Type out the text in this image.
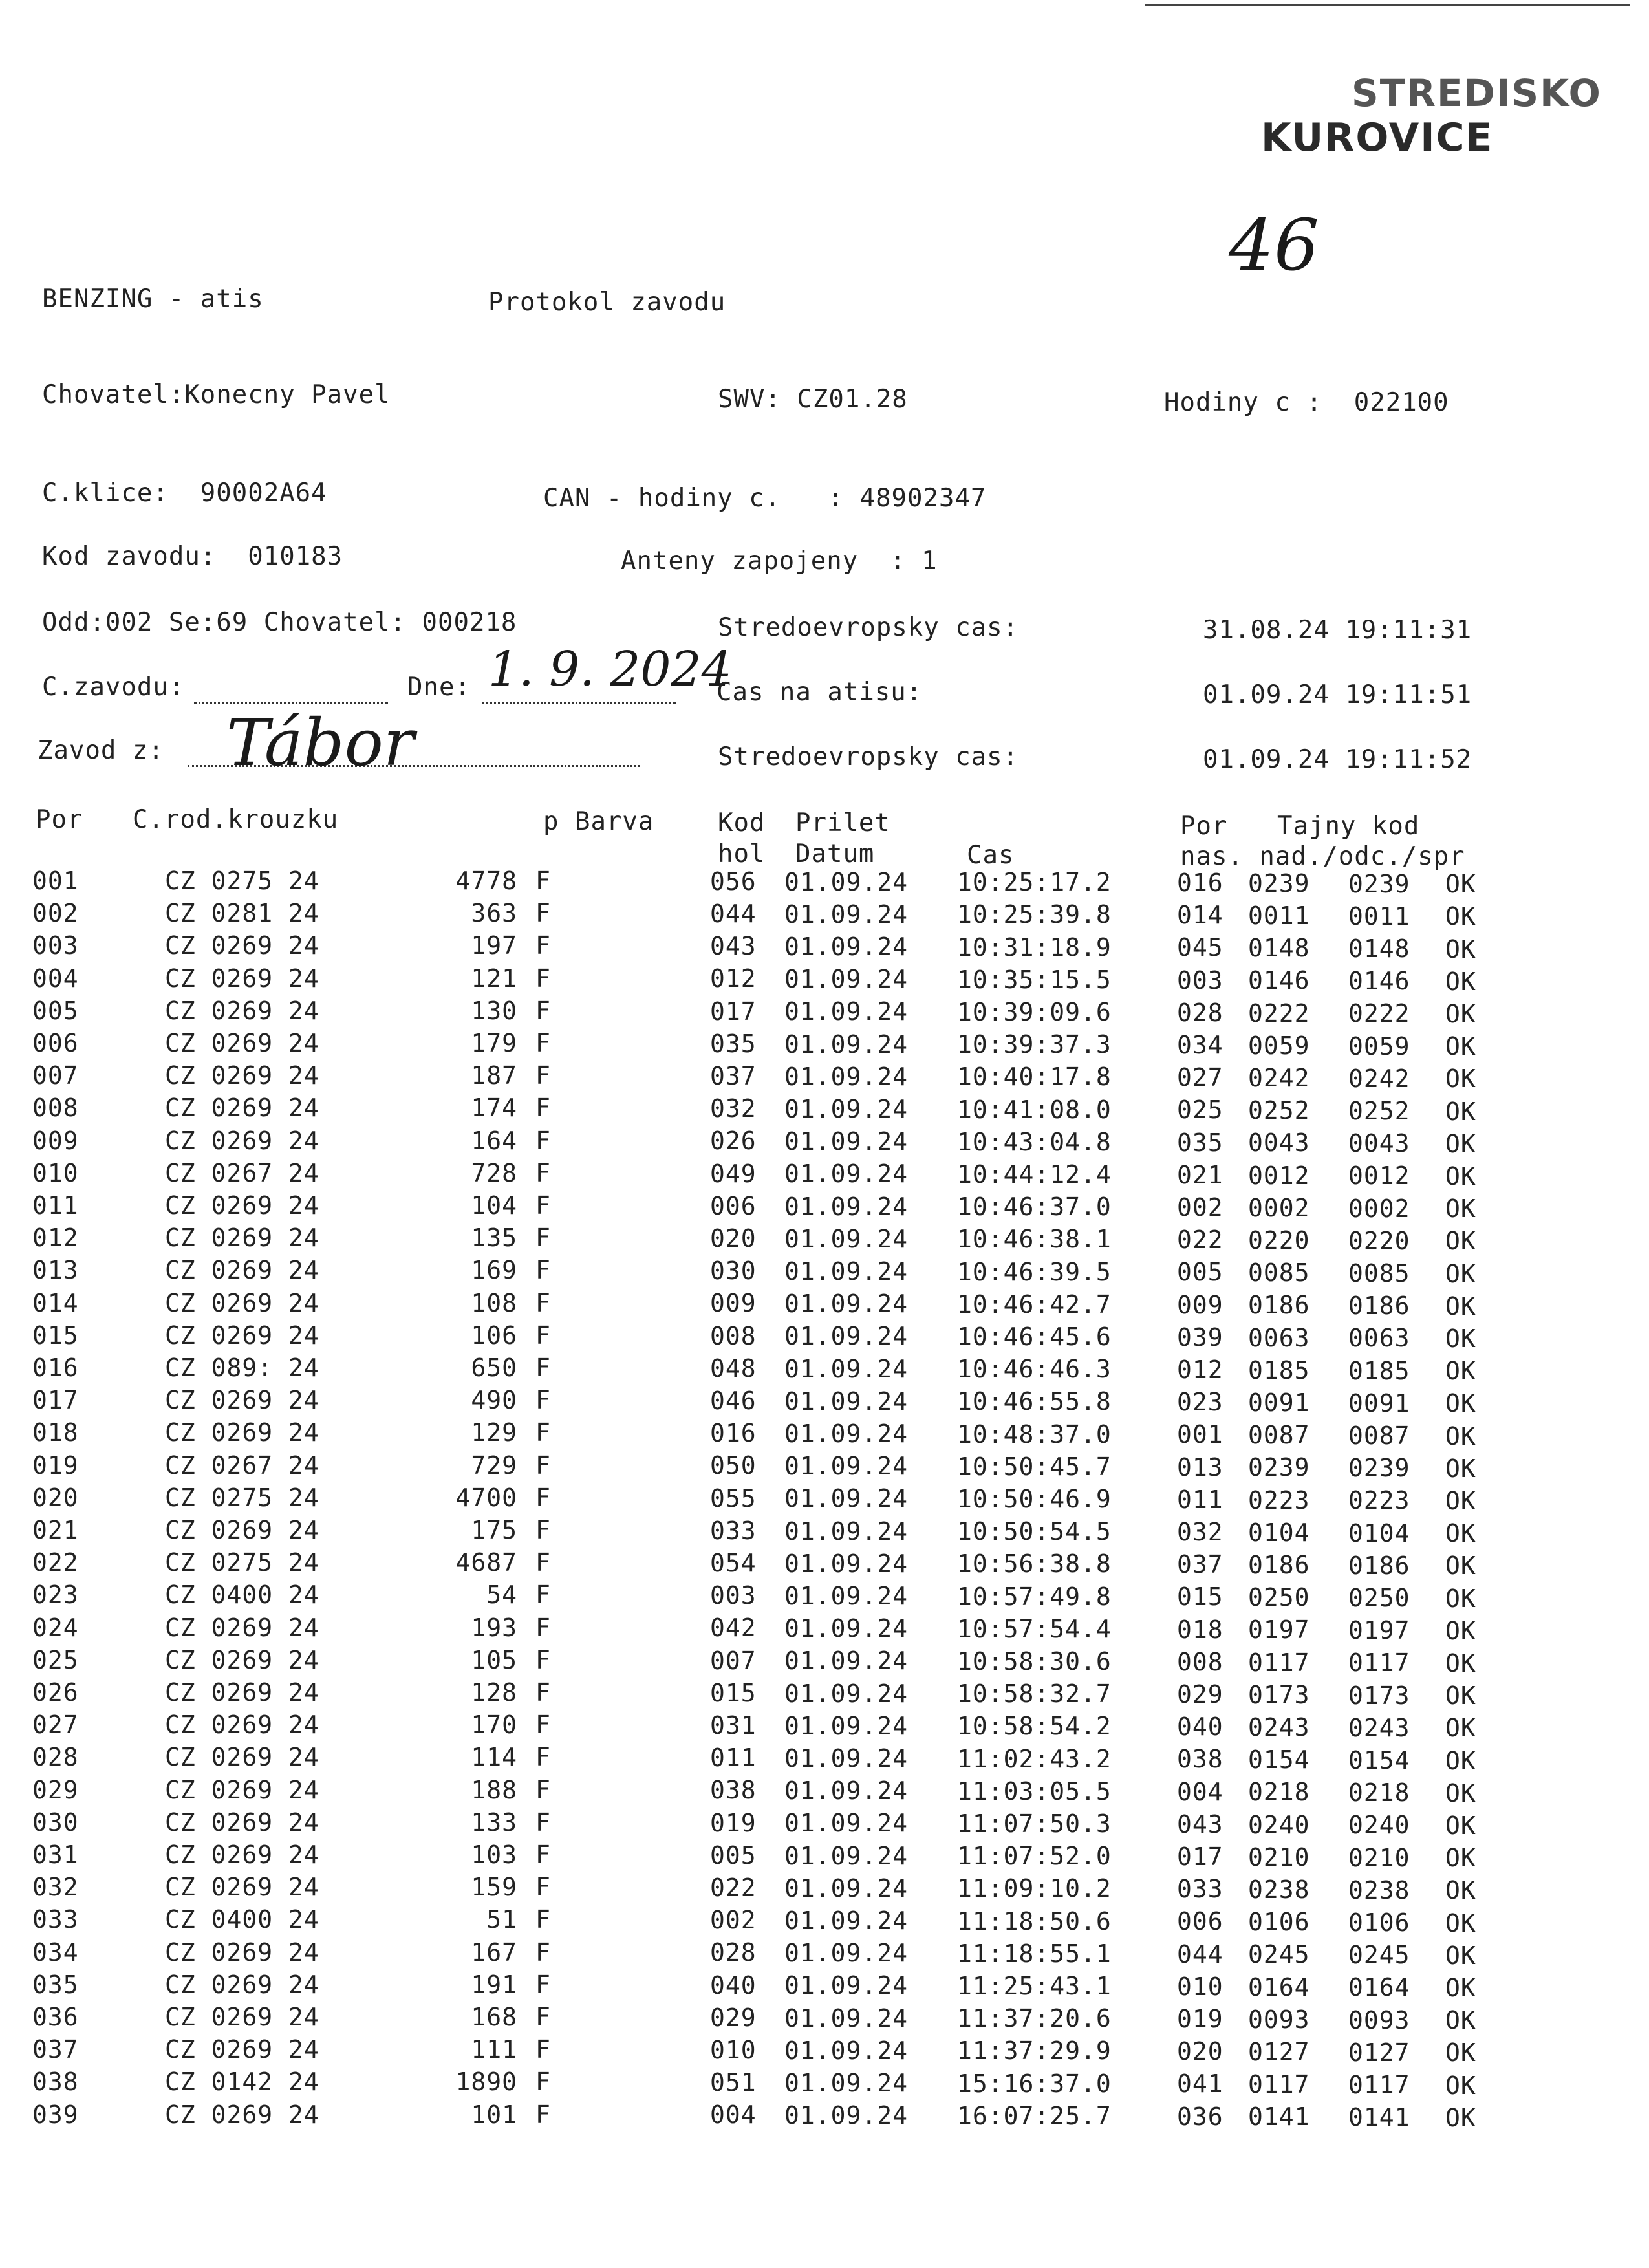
STREDISKO
KUROVICE
46
BENZING - atis	Protokol zavodu
Chovatel:Konecny Pavel	SWV: CZ01.28	Hodiny c :  022100
C.klice:  90002A64	CAN - hodiny c.   : 48902347
Kod zavodu:  010183	Anteny zapojeny  : 1
Odd:002 Se:69 Chovatel: 000218	Stredoevropsky cas:	31.08.24 19:11:31
C.zavodu:	Dne: 1. 9. 2024
Cas na atisu:	01.09.24 19:11:51
Zavod z: Tábor	Stredoevropsky cas:	01.09.24 19:11:52
Por C.rod.krouzku	p Barva	Kod Prilet	Por Tajny kod
hol Datum	Cas	nas. nad./odc./spr
001	CZ 0275 24	4778 F	056 01.09.24 10:25:17.2	016 0239 0239 OK
002	CZ 0281 24	363 F	044 01.09.24 10:25:39.8	014 0011 0011 OK
003	CZ 0269 24	197 F	043 01.09.24 10:31:18.9	045 0148 0148 OK
004	CZ 0269 24	121 F	012 01.09.24 10:35:15.5	003 0146 0146 OK
005	CZ 0269 24	130 F	017 01.09.24 10:39:09.6	028 0222 0222 OK
006	CZ 0269 24	179 F	035 01.09.24 10:39:37.3	034 0059 0059 OK
007	CZ 0269 24	187 F	037 01.09.24 10:40:17.8	027 0242 0242 OK
008	CZ 0269 24	174 F	032 01.09.24 10:41:08.0	025 0252 0252 OK
009	CZ 0269 24	164 F	026 01.09.24 10:43:04.8	035 0043 0043 OK
010	CZ 0267 24	728 F	049 01.09.24 10:44:12.4	021 0012 0012 OK
011	CZ 0269 24	104 F	006 01.09.24 10:46:37.0	002 0002 0002 OK
012	CZ 0269 24	135 F	020 01.09.24 10:46:38.1	022 0220 0220 OK
013	CZ 0269 24	169 F	030 01.09.24 10:46:39.5	005 0085 0085 OK
014	CZ 0269 24	108 F	009 01.09.24 10:46:42.7	009 0186 0186 OK
015	CZ 0269 24	106 F	008 01.09.24 10:46:45.6	039 0063 0063 OK
016	CZ 089: 24	650 F	048 01.09.24 10:46:46.3	012 0185 0185 OK
017	CZ 0269 24	490 F	046 01.09.24 10:46:55.8	023 0091 0091 OK
018	CZ 0269 24	129 F	016 01.09.24 10:48:37.0	001 0087 0087 OK
019	CZ 0267 24	729 F	050 01.09.24 10:50:45.7	013 0239 0239 OK
020	CZ 0275 24	4700 F	055 01.09.24 10:50:46.9	011 0223 0223 OK
021	CZ 0269 24	175 F	033 01.09.24 10:50:54.5	032 0104 0104 OK
022	CZ 0275 24	4687 F	054 01.09.24 10:56:38.8	037 0186 0186 OK
023	CZ 0400 24	54 F	003 01.09.24 10:57:49.8	015 0250 0250 OK
024	CZ 0269 24	193 F	042 01.09.24 10:57:54.4	018 0197 0197 OK
025	CZ 0269 24	105 F	007 01.09.24 10:58:30.6	008 0117 0117 OK
026	CZ 0269 24	128 F	015 01.09.24 10:58:32.7	029 0173 0173 OK
027	CZ 0269 24	170 F	031 01.09.24 10:58:54.2	040 0243 0243 OK
028	CZ 0269 24	114 F	011 01.09.24 11:02:43.2	038 0154 0154 OK
029	CZ 0269 24	188 F	038 01.09.24 11:03:05.5	004 0218 0218 OK
030	CZ 0269 24	133 F	019 01.09.24 11:07:50.3	043 0240 0240 OK
031	CZ 0269 24	103 F	005 01.09.24 11:07:52.0	017 0210 0210 OK
032	CZ 0269 24	159 F	022 01.09.24 11:09:10.2	033 0238 0238 OK
033	CZ 0400 24	51 F	002 01.09.24 11:18:50.6	006 0106 0106 OK
034	CZ 0269 24	167 F	028 01.09.24 11:18:55.1	044 0245 0245 OK
035	CZ 0269 24	191 F	040 01.09.24 11:25:43.1	010 0164 0164 OK
036	CZ 0269 24	168 F	029 01.09.24 11:37:20.6	019 0093 0093 OK
037	CZ 0269 24	111 F	010 01.09.24 11:37:29.9	020 0127 0127 OK
038	CZ 0142 24	1890 F	051 01.09.24 15:16:37.0	041 0117 0117 OK
039	CZ 0269 24	101 F	004 01.09.24 16:07:25.7	036 0141 0141 OK
